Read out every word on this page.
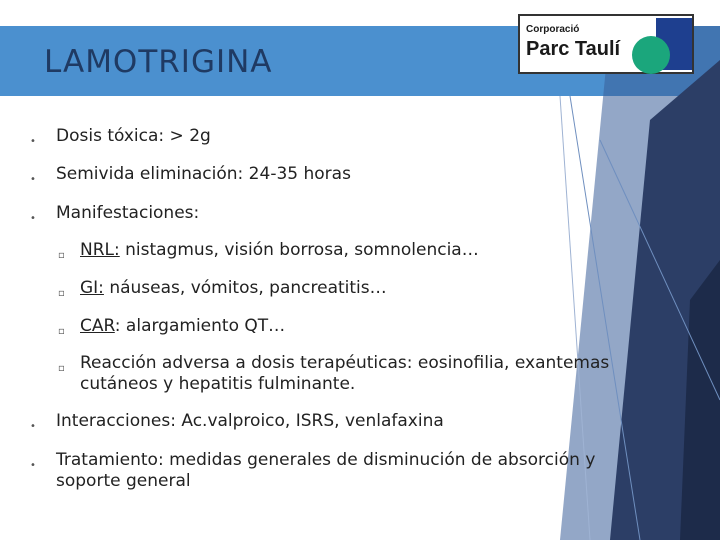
LAMOTRIGINA
Corporació
Parc Taulí
• Dosis tóxica: > 2g
• Semivida eliminación: 24-35 horas
• Manifestaciones:
▫ NRL: nistagmus, visión borrosa, somnolencia…
▫ GI: náuseas, vómitos, pancreatitis…
▫ CAR: alargamiento QT…
▫ Reacción adversa a dosis terapéuticas: eosinofilia, exantemas
cutáneos y hepatitis fulminante.
• Interacciones: Ac.valproico, ISRS, venlafaxina
• Tratamiento: medidas generales de disminución de absorción y
soporte general
